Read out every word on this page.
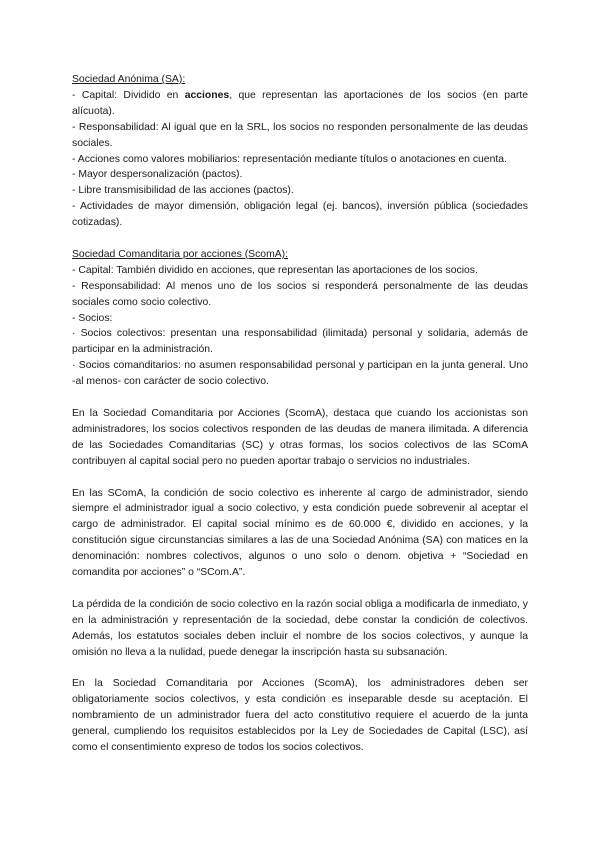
Sociedad Anónima (SA):

- Capital: Dividido en acciones, que representan las aportaciones de los socios (en parte alícuota).

- Responsabilidad: Al igual que en la SRL, los socios no responden personalmente de las deudas sociales.

- Acciones como valores mobiliarios: representación mediante títulos o anotaciones en cuenta.

- Mayor despersonalización (pactos).

- Libre transmisibilidad de las acciones (pactos).

- Actividades de mayor dimensión, obligación legal (ej. bancos), inversión pública (sociedades cotizadas).

Sociedad Comanditaria por acciones (ScomA):

- Capital: También dividido en acciones, que representan las aportaciones de los socios.

- Responsabilidad: Al menos uno de los socios si responderá personalmente de las deudas sociales como socio colectivo.

- Socios:

· Socios colectivos: presentan una responsabilidad (ilimitada) personal y solidaria, además de participar en la administración.

· Socios comanditarios: no asumen responsabilidad personal y participan en la junta general. Uno -al menos- con carácter de socio colectivo.

En la Sociedad Comanditaria por Acciones (ScomA), destaca que cuando los accionistas son administradores, los socios colectivos responden de las deudas de manera ilimitada. A diferencia de las Sociedades Comanditarias (SC) y otras formas, los socios colectivos de las SComA contribuyen al capital social pero no pueden aportar trabajo o servicios no industriales.

En las SComA, la condición de socio colectivo es inherente al cargo de administrador, siendo siempre el administrador igual a socio colectivo, y esta condición puede sobrevenir al aceptar el cargo de administrador. El capital social mínimo es de 60.000 €, dividido en acciones, y la constitución sigue circunstancias similares a las de una Sociedad Anónima (SA) con matices en la denominación: nombres colectivos, algunos o uno solo o denom. objetiva + “Sociedad en comandita por acciones” o “SCom.A”.

La pérdida de la condición de socio colectivo en la razón social obliga a modificarla de inmediato, y en la administración y representación de la sociedad, debe constar la condición de colectivos. Además, los estatutos sociales deben incluir el nombre de los socios colectivos, y aunque la omisión no lleva a la nulidad, puede denegar la inscripción hasta su subsanación.

En la Sociedad Comanditaria por Acciones (ScomA), los administradores deben ser obligatoriamente socios colectivos, y esta condición es inseparable desde su aceptación. El nombramiento de un administrador fuera del acto constitutivo requiere el acuerdo de la junta general, cumpliendo los requisitos establecidos por la Ley de Sociedades de Capital (LSC), así como el consentimiento expreso de todos los socios colectivos.
